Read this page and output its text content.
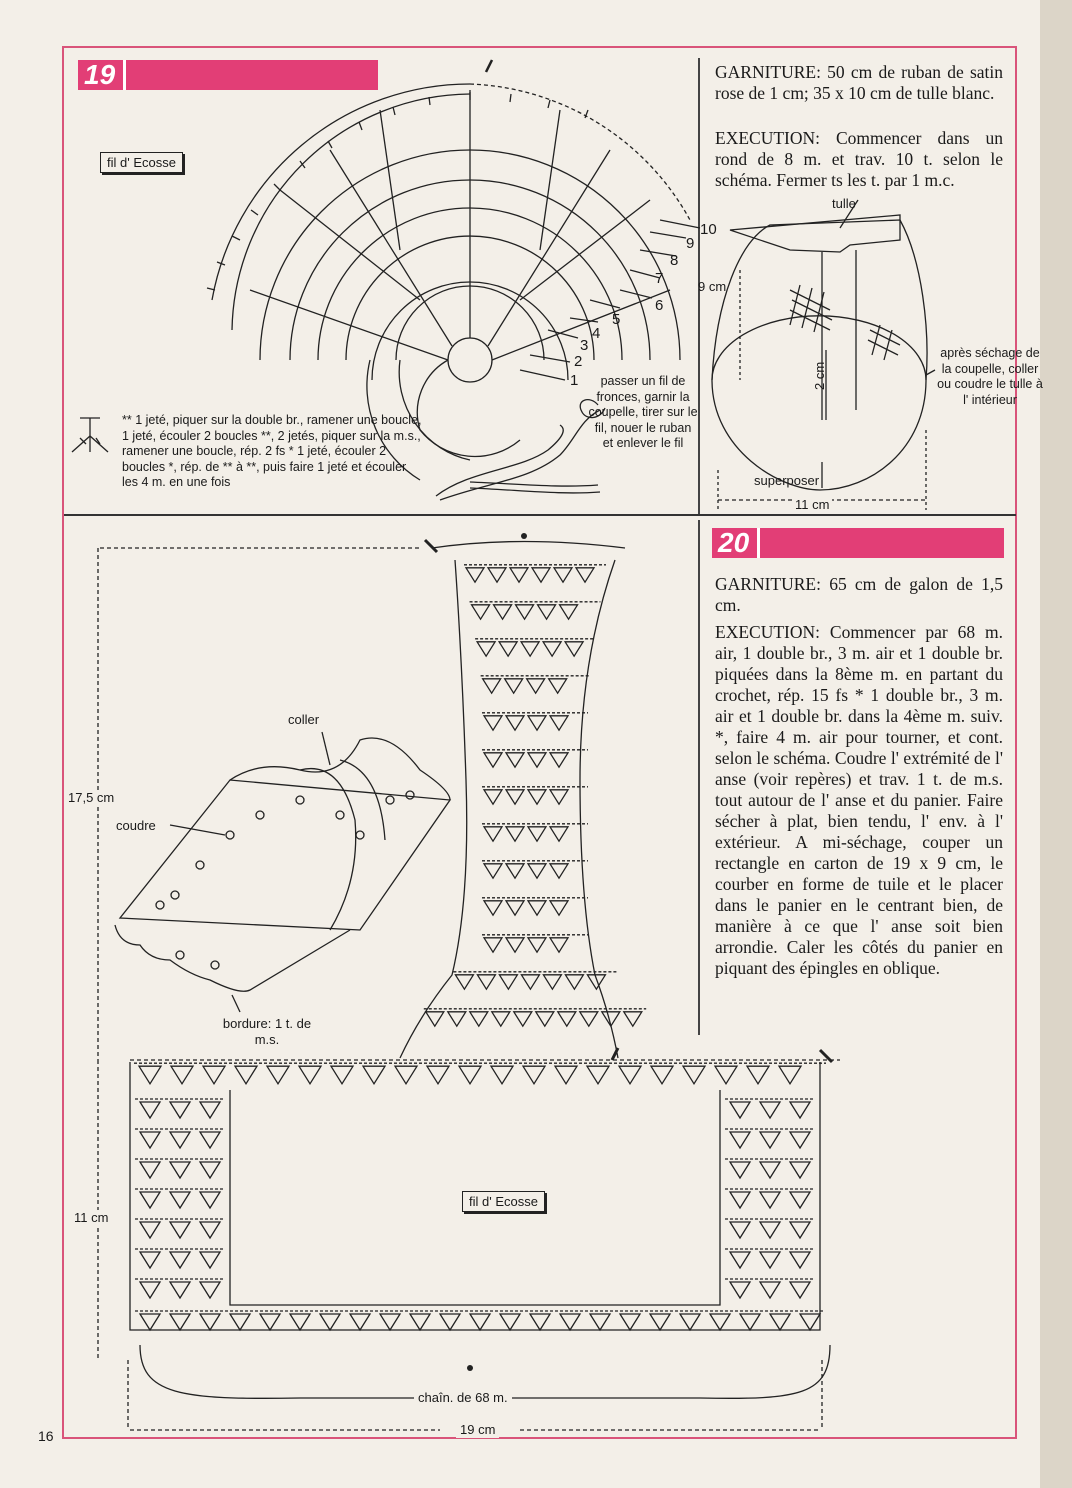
19
20
fil d' Ecosse
GARNITURE: 50 cm de ruban de satin rose de 1 cm; 35 x 10 cm de tulle blanc.
EXECUTION: Commencer dans un rond de 8 m. et trav. 10 t. selon le schéma. Fermer ts les t. par 1 m.c.
1
2
3
4
5
6
7
8
9
10
** 1 jeté, piquer sur la double br., ramener une boucle, 1 jeté, écouler 2 boucles **, 2 jetés, piquer sur la m.s., ramener une boucle, rép. 2 fs * 1 jeté, écouler 2 boucles *, rép. de ** à **, puis faire 1 jeté et écouler les 4 m. en une fois
passer un fil de fronces, garnir la coupelle, tirer sur le fil, nouer le ruban et enlever le fil
tulle
9 cm
2 cm
superposer
11 cm
après séchage de la coupelle, coller ou coudre le tulle à l' intérieur
GARNITURE: 65 cm de galon de 1,5 cm.
EXECUTION: Commencer par 68 m. air, 1 double br., 3 m. air et 1 double br. piquées dans la 8ème m. en partant du crochet, rép. 15 fs * 1 double br., 3 m. air et 1 double br. dans la 4ème m. suiv. *, faire 4 m. air pour tourner, et cont. selon le schéma. Coudre l' extrémité de l' anse (voir repères) et trav. 1 t. de m.s. tout autour de l' anse et du panier. Faire sécher à plat, bien tendu, l' env. à l' extérieur. A mi-séchage, couper un rectangle en carton de 19 x 9 cm, le courber en forme de tuile et le placer dans le panier en le centrant bien, de manière à ce que l' anse soit bien arrondie. Caler les côtés du panier en piquant des épingles en oblique.
coller
coudre
bordure: 1 t. de m.s.
17,5 cm
11 cm
fil d' Ecosse
chaîn. de 68 m.
19 cm
16
